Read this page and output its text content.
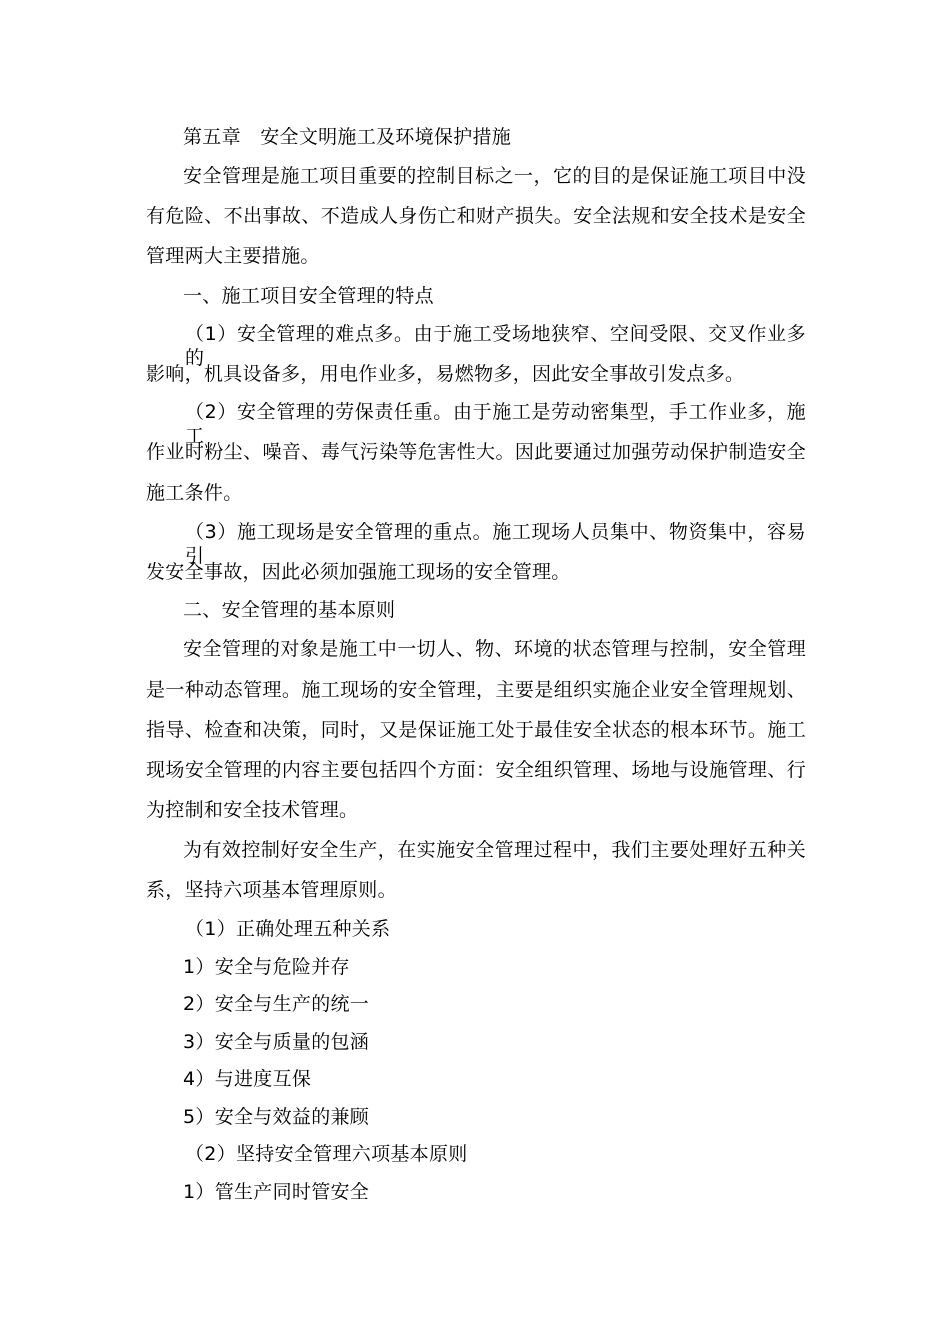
第五章　安全文明施工及环境保护措施
安全管理是施工项目重要的控制目标之一，它的目的是保证施工项目中没
有危险、不出事故、不造成人身伤亡和财产损失。安全法规和安全技术是安全
管理两大主要措施。
一、施工项目安全管理的特点
（1）安全管理的难点多。由于施工受场地狭窄、空间受限、交叉作业多的
影响，机具设备多，用电作业多，易燃物多，因此安全事故引发点多。
（2）安全管理的劳保责任重。由于施工是劳动密集型，手工作业多，施工
作业时粉尘、噪音、毒气污染等危害性大。因此要通过加强劳动保护制造安全
施工条件。
（3）施工现场是安全管理的重点。施工现场人员集中、物资集中，容易引
发安全事故，因此必须加强施工现场的安全管理。
二、安全管理的基本原则
安全管理的对象是施工中一切人、物、环境的状态管理与控制，安全管理
是一种动态管理。施工现场的安全管理，主要是组织实施企业安全管理规划、
指导、检查和决策，同时，又是保证施工处于最佳安全状态的根本环节。施工
现场安全管理的内容主要包括四个方面：安全组织管理、场地与设施管理、行
为控制和安全技术管理。
为有效控制好安全生产，在实施安全管理过程中，我们主要处理好五种关
系，坚持六项基本管理原则。
（1）正确处理五种关系
1）安全与危险并存
2）安全与生产的统一
3）安全与质量的包涵
4）与进度互保
5）安全与效益的兼顾
（2）坚持安全管理六项基本原则
1）管生产同时管安全
